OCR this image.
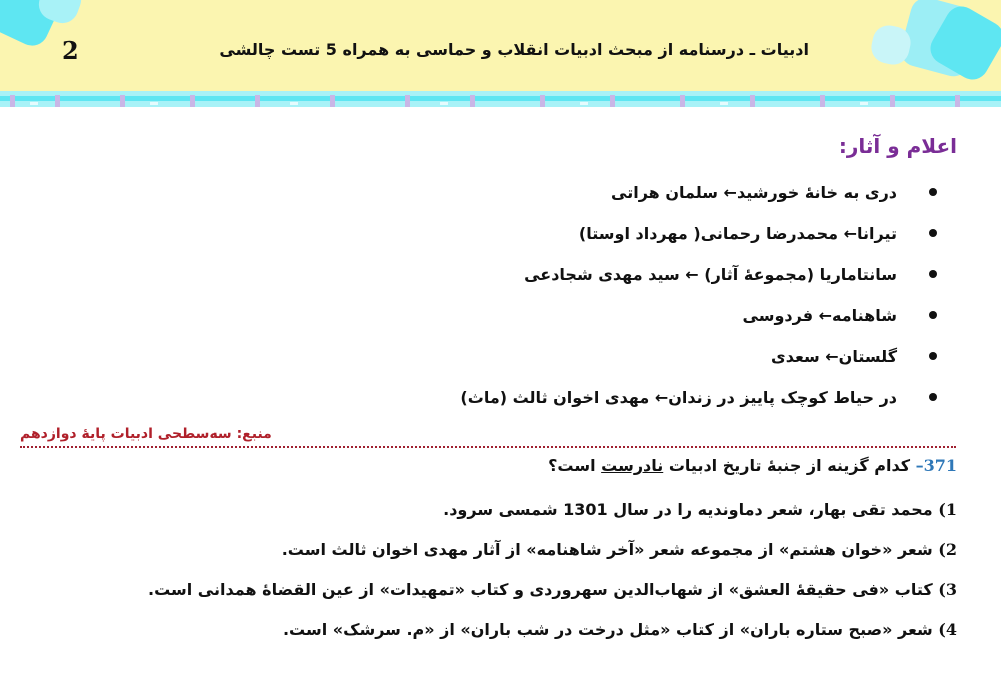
2	ادبیات ـ درسنامه از مبحث ادبیات انقلاب و حماسی به همراه 5 تست چالشی
اعلام و آثار:
دری به خانهٔ خورشید← سلمان هراتی
تیرانا← محمدرضا رحمانی( مهرداد اوستا)
سانتاماریا (مجموعهٔ آثار) ← سید مهدی شجادعی
شاهنامه← فردوسی
گلستان← سعدی
در حیاط کوچک پاییز در زندان← مهدی اخوان ثالث (ماث)
منبع: سه‌سطحی ادبیات پایهٔ دوازدهم
371– کدام گزینه از جنبهٔ تاریخ ادبیات نادرست است؟
1) محمد تقی بهار، شعر دماوندیه را در سال 1301 شمسی سرود.
2) شعر «خوان هشتم» از مجموعه شعر «آخر شاهنامه» از آثار مهدی اخوان ثالث است.
3) کتاب «فی حقیقهٔ العشق» از شهاب‌الدین سهروردی و کتاب «تمهیدات» از عین القضاهٔ همدانی است.
4) شعر «صبح ستاره باران» از کتاب «مثل درخت در شب باران» از «م. سرشک» است.
